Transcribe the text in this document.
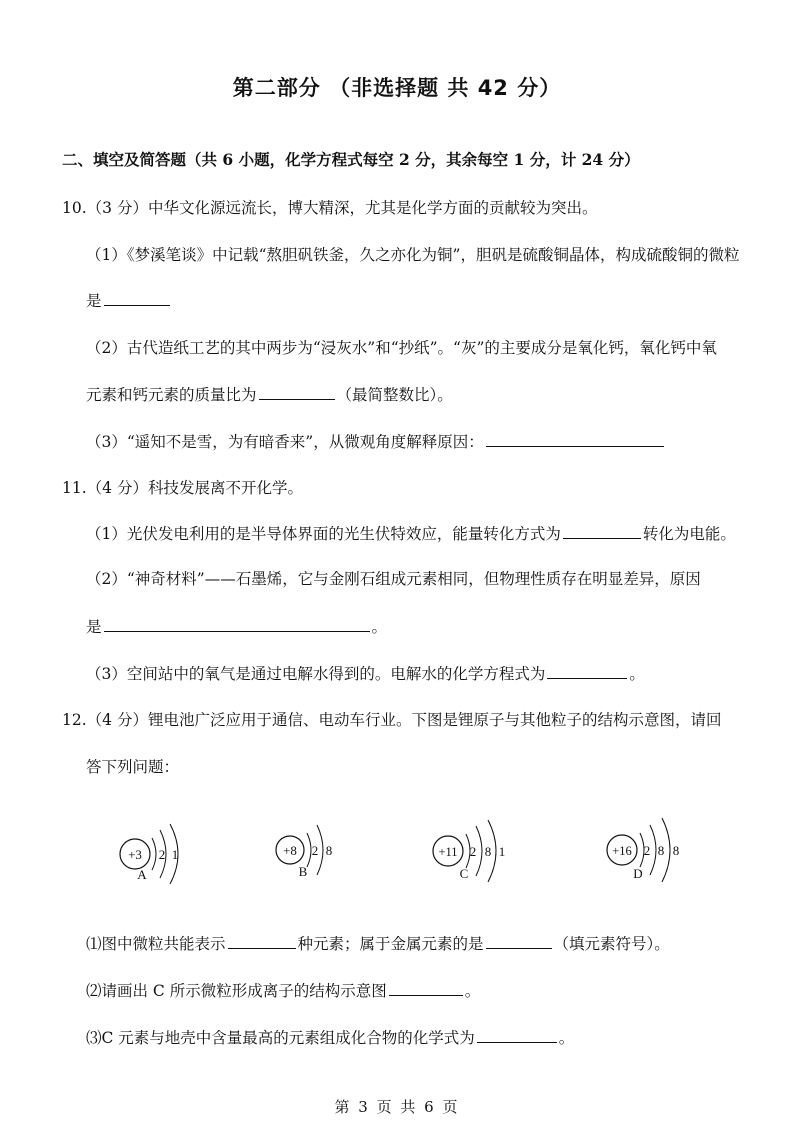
第二部分 （非选择题 共 42 分）
二、填空及简答题（共 6 小题，化学方程式每空 2 分，其余每空 1 分，计 24 分）
10.（3 分）中华文化源远流长，博大精深，尤其是化学方面的贡献较为突出。
（1）《梦溪笔谈》中记载“熬胆矾铁釜，久之亦化为铜”，胆矾是硫酸铜晶体，构成硫酸铜的微粒
是
（2）古代造纸工艺的其中两步为“浸灰水”和“抄纸”。“灰”的主要成分是氧化钙，氧化钙中氧
元素和钙元素的质量比为	（最简整数比）。
（3）“遥知不是雪，为有暗香来”，从微观角度解释原因：
11.（4 分）科技发展离不开化学。
（1）光伏发电利用的是半导体界面的光生伏特效应，能量转化方式为	转化为电能。
（2）“神奇材料”——石墨烯，它与金刚石组成元素相同，但物理性质存在明显差异，原因
是	。
（3）空间站中的氧气是通过电解水得到的。电解水的化学方程式为	。
12.（4 分）锂电池广泛应用于通信、电动车行业。下图是锂原子与其他粒子的结构示意图，请回
答下列问题：
+3 2 1	+8 2 8	+11 2 8 1	+16 2 8 8
A	B	C	D
⑴图中微粒共能表示	种元素；属于金属元素的是	（填元素符号）。
⑵请画出 C 所示微粒形成离子的结构示意图	。
⑶C 元素与地壳中含量最高的元素组成化合物的化学式为	。
第 3 页 共 6 页
